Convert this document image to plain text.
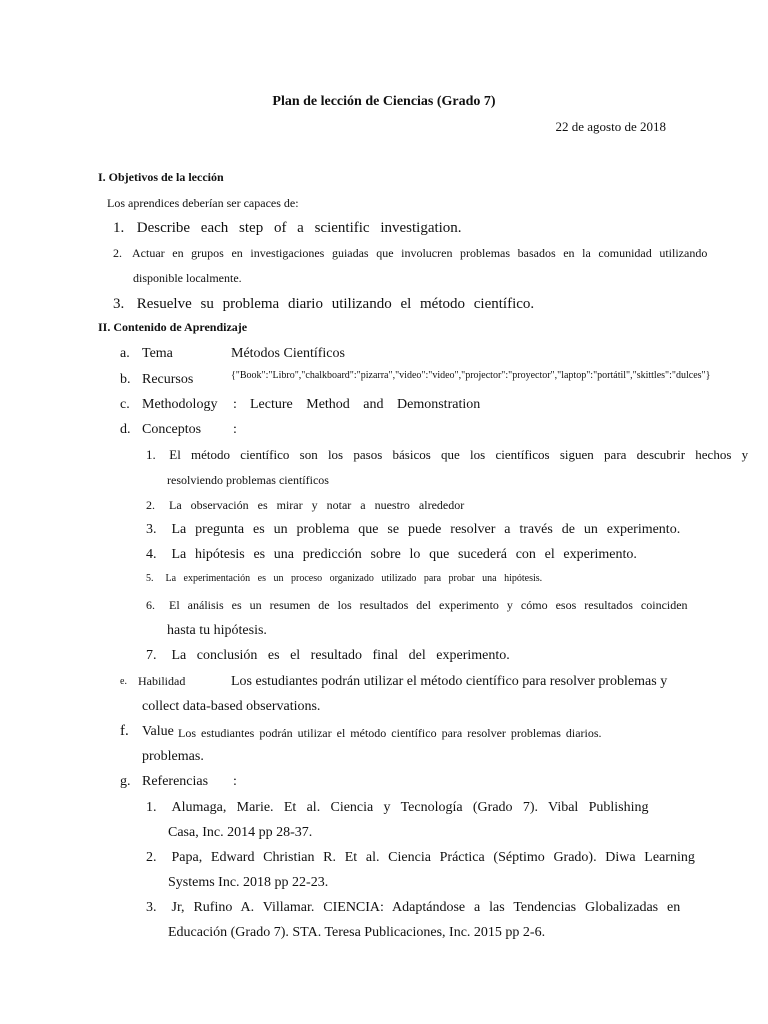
Plan de lección de Ciencias (Grado 7)
22 de agosto de 2018
I. Objetivos de la lección
Los aprendices deberían ser capaces de:
1. Describe each step of a scientific investigation.
2. Actuar en grupos en investigaciones guiadas que involucren problemas basados en la comunidad utilizando
disponible localmente.
3. Resuelve su problema diario utilizando el método científico.
II. Contenido de Aprendizaje
a. Tema	Métodos Científicos
b. Recursos	{"Book":"Libro","chalkboard":"pizarra","video":"video","projector":"proyector","laptop":"portátil","skittles":"dulces"}
c. Methodology : Lecture Method and Demonstration
d. Conceptos :
1. El método científico son los pasos básicos que los científicos siguen para descubrir hechos y
resolviendo problemas científicos
2. La observación es mirar y notar a nuestro alrededor
3. La pregunta es un problema que se puede resolver a través de un experimento.
4. La hipótesis es una predicción sobre lo que sucederá con el experimento.
5. La experimentación es un proceso organizado utilizado para probar una hipótesis.
6. El análisis es un resumen de los resultados del experimento y cómo esos resultados coinciden
hasta tu hipótesis.
7. La conclusión es el resultado final del experimento.
e. Habilidad	Los estudiantes podrán utilizar el método científico para resolver problemas y
collect data-based observations.
f. Value Los estudiantes podrán utilizar el método científico para resolver problemas diarios.
problemas.
g. Referencias :
1. Alumaga, Marie. Et al. Ciencia y Tecnología (Grado 7). Vibal Publishing
Casa, Inc. 2014 pp 28-37.
2. Papa, Edward Christian R. Et al. Ciencia Práctica (Séptimo Grado). Diwa Learning
Systems Inc. 2018 pp 22-23.
3. Jr, Rufino A. Villamar. CIENCIA: Adaptándose a las Tendencias Globalizadas en
Educación (Grado 7). STA. Teresa Publicaciones, Inc. 2015 pp 2-6.
